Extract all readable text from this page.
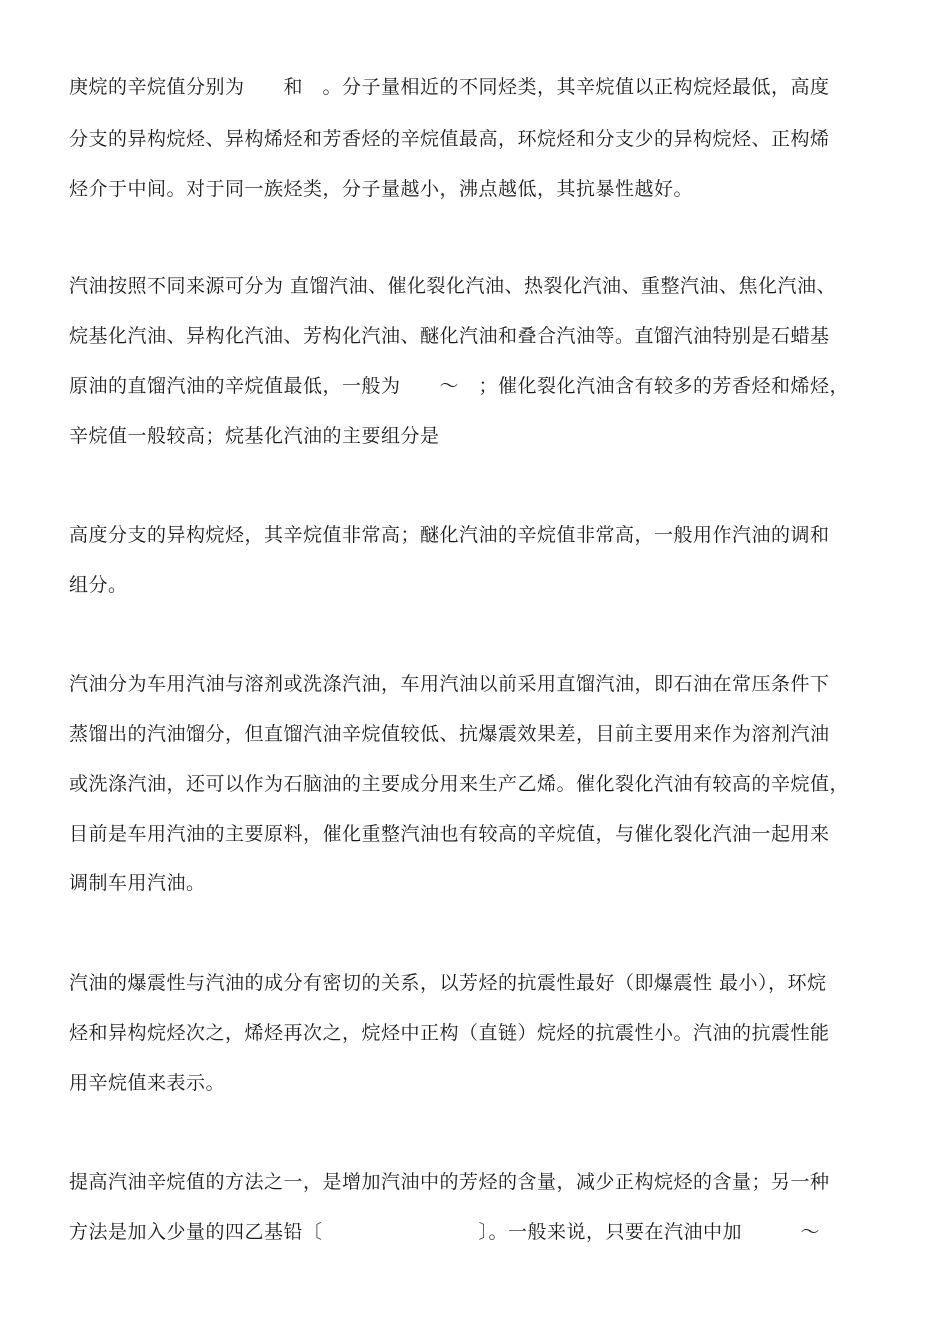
庚烷的辛烷值分别为　　和　。分子量相近的不同烃类，其辛烷值以正构烷烃最低，高度
分支的异构烷烃、异构烯烃和芳香烃的辛烷值最高，环烷烃和分支少的异构烷烃、正构烯
烃介于中间。对于同一族烃类，分子量越小，沸点越低，其抗暴性越好。
汽油按照不同来源可分为 直馏汽油、催化裂化汽油、热裂化汽油、重整汽油、焦化汽油、
烷基化汽油、异构化汽油、芳构化汽油、醚化汽油和叠合汽油等。直馏汽油特别是石蜡基
原油的直馏汽油的辛烷值最低，一般为　　～　；催化裂化汽油含有较多的芳香烃和烯烃，
辛烷值一般较高；烷基化汽油的主要组分是
高度分支的异构烷烃，其辛烷值非常高；醚化汽油的辛烷值非常高，一般用作汽油的调和
组分。
汽油分为车用汽油与溶剂或洗涤汽油，车用汽油以前采用直馏汽油，即石油在常压条件下
蒸馏出的汽油馏分，但直馏汽油辛烷值较低、抗爆震效果差，目前主要用来作为溶剂汽油
或洗涤汽油，还可以作为石脑油的主要成分用来生产乙烯。催化裂化汽油有较高的辛烷值，
目前是车用汽油的主要原料，催化重整汽油也有较高的辛烷值，与催化裂化汽油一起用来
调制车用汽油。
汽油的爆震性与汽油的成分有密切的关系，以芳烃的抗震性最好（即爆震性 最小），环烷
烃和异构烷烃次之，烯烃再次之，烷烃中正构（直链）烷烃的抗震性小。汽油的抗震性能
用辛烷值来表示。
提高汽油辛烷值的方法之一，是增加汽油中的芳烃的含量，减少正构烷烃的含量；另一种
方法是加入少量的四乙基铅〔　　　　　　　　〕。一般来说，只要在汽油中加　　　～
